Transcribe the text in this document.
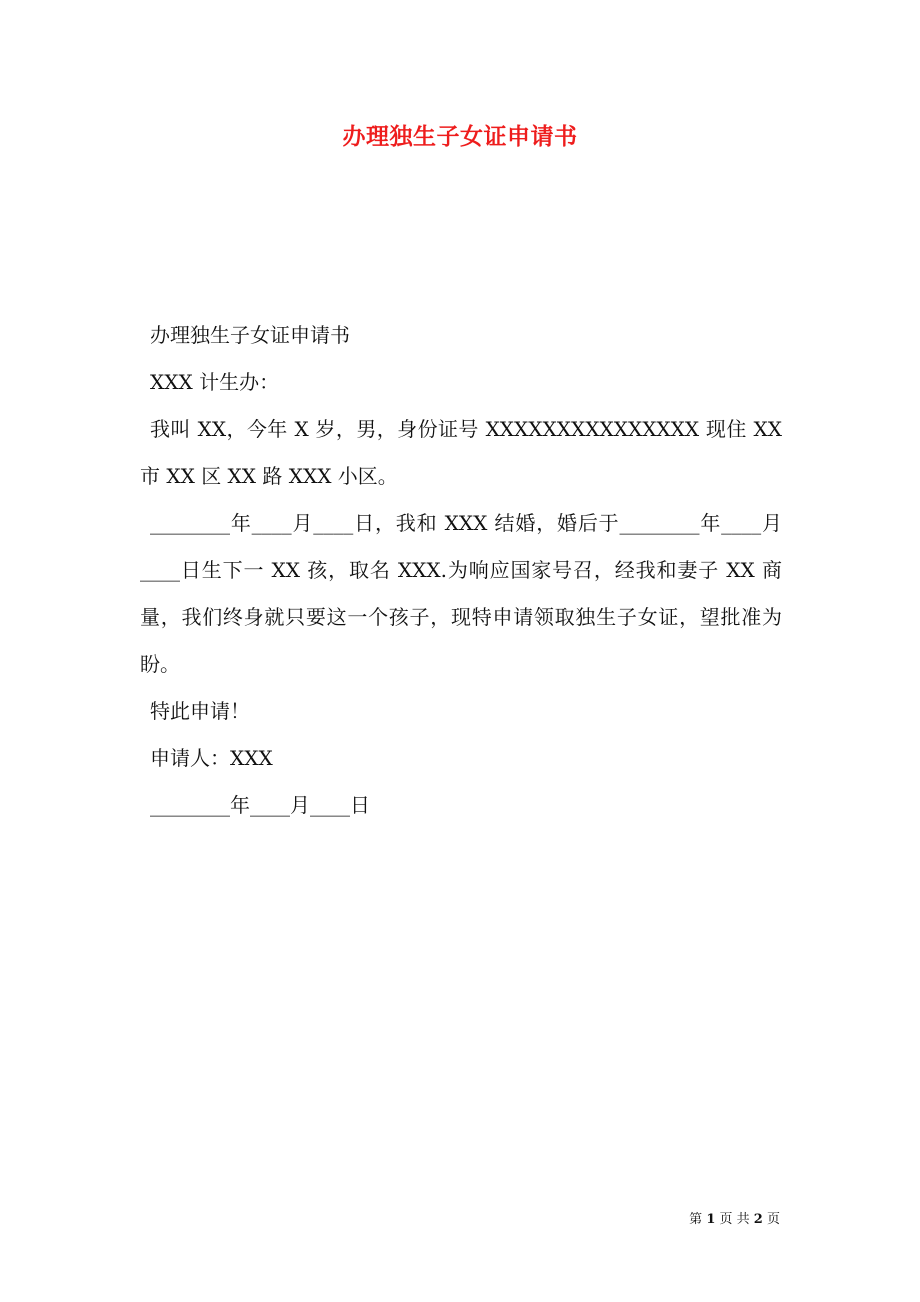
办理独生子女证申请书

办理独生子女证申请书

XXX 计生办：

我叫 XX，今年 X 岁，男，身份证号 XXXXXXXXXXXXXXX 现住 XX 市 XX 区 XX 路 XXX 小区。

________年____月____日，我和 XXX 结婚，婚后于________年____月____日生下一 XX 孩，取名 XXX.为响应国家号召，经我和妻子 XX 商量，我们终身就只要这一个孩子，现特申请领取独生子女证，望批准为盼。

特此申请！

申请人：XXX

________年____月____日

第 1 页 共 2 页
